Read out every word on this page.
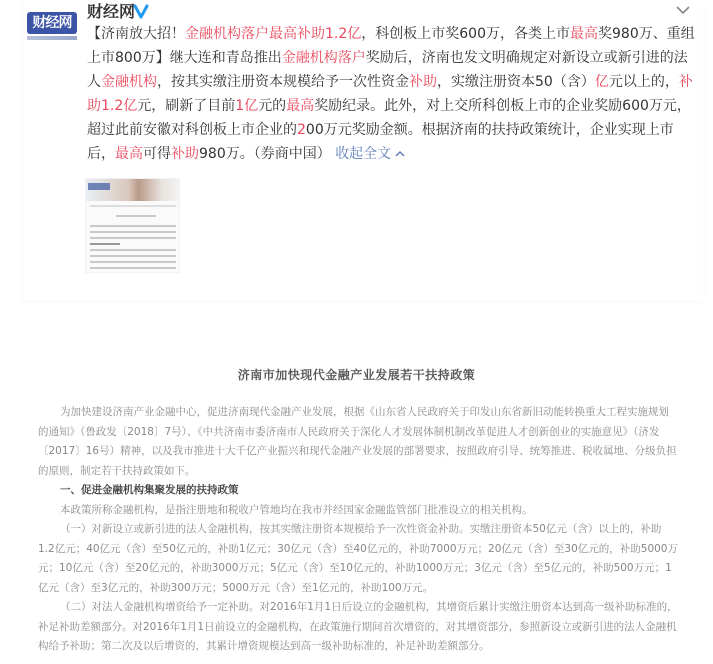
财经网
财经网
【济南放大招！金融机构落户最高补助1.2亿，科创板上市奖600万，各类上市最高奖980万、重组上市800万】继大连和青岛推出金融机构落户奖励后，济南也发文明确规定对新设立或新引进的法人金融机构，按其实缴注册资本规模给予一次性资金补助，实缴注册资本50（含）亿元以上的，补助1.2亿元，刷新了目前1亿元的最高奖励纪录。此外，对上交所科创板上市的企业奖励600万元，超过此前安徽对科创板上市企业的200万元奖励金额。根据济南的扶持政策统计，企业实现上市后，最高可得补助980万。（券商中国） 收起全文
济南市加快现代金融产业发展若干扶持政策

为加快建设济南产业金融中心，促进济南现代金融产业发展，根据《山东省人民政府关于印发山东省新旧动能转换重大工程实施规划的通知》（鲁政发〔2018〕7号）、《中共济南市委济南市人民政府关于深化人才发展体制机制改革促进人才创新创业的实施意见》（济发〔2017〕16号）精神，以及我市推进十大千亿产业振兴和现代金融产业发展的部署要求，按照政府引导、统筹推进、税收属地、分级负担的原则，制定若干扶持政策如下。

一、促进金融机构集聚发展的扶持政策

本政策所称金融机构，是指注册地和税收户管地均在我市并经国家金融监管部门批准设立的相关机构。

（一）对新设立或新引进的法人金融机构，按其实缴注册资本规模给予一次性资金补助。实缴注册资本50亿元（含）以上的，补助1.2亿元；40亿元（含）至50亿元的，补助1亿元；30亿元（含）至40亿元的，补助7000万元；20亿元（含）至30亿元的，补助5000万元；10亿元（含）至20亿元的，补助3000万元；5亿元（含）至10亿元的，补助1000万元；3亿元（含）至5亿元的，补助500万元；1亿元（含）至3亿元的，补助300万元；5000万元（含）至1亿元的，补助100万元。

（二）对法人金融机构增资给予一定补助。对2016年1月1日后设立的金融机构，其增资后累计实缴注册资本达到高一级补助标准的，补足补助差额部分。对2016年1月1日前设立的金融机构，在政策施行期间首次增资的，对其增资部分，参照新设立或新引进的法人金融机构给予补助；第二次及以后增资的，其累计增资规模达到高一级补助标准的，补足补助差额部分。
